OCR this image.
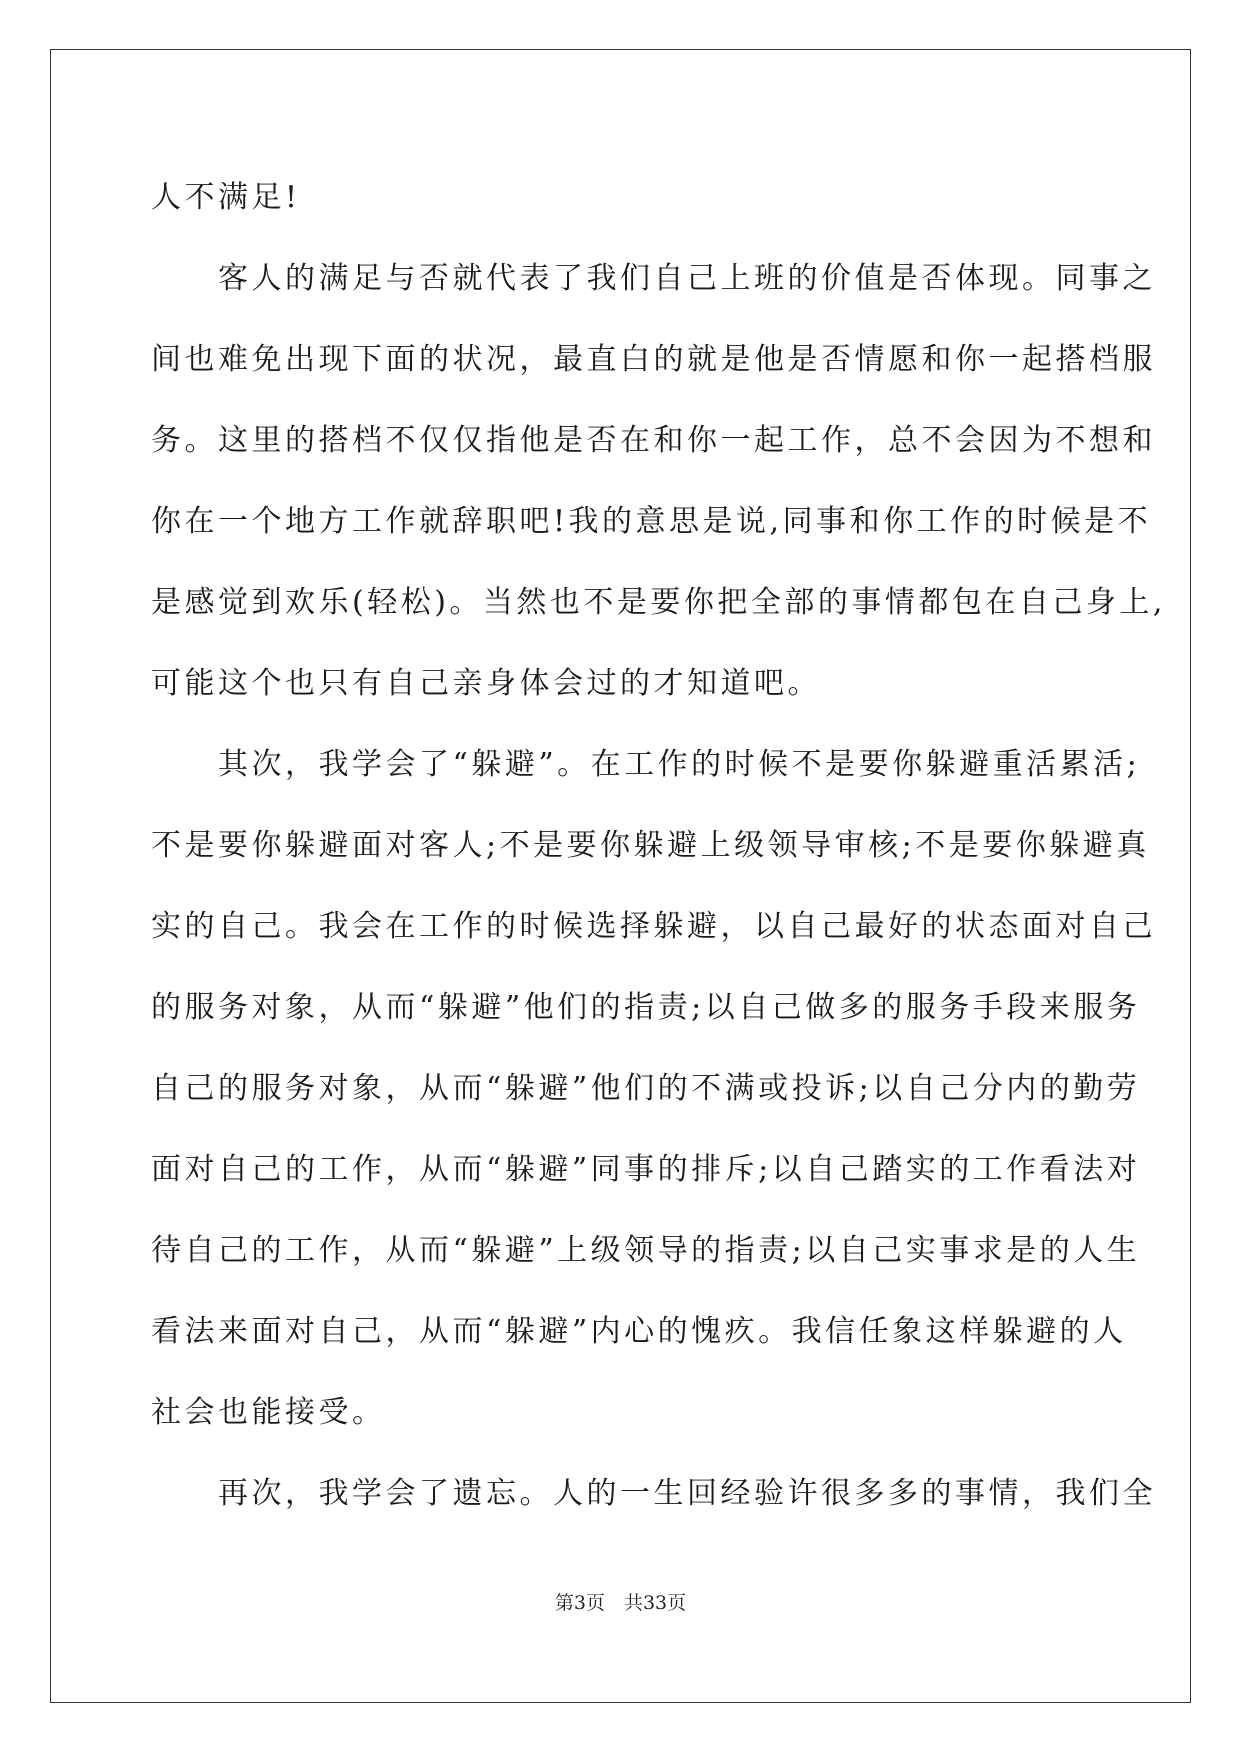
人不满足!
　　客人的满足与否就代表了我们自己上班的价值是否体现。同事之
间也难免出现下面的状况，最直白的就是他是否情愿和你一起搭档服
务。这里的搭档不仅仅指他是否在和你一起工作，总不会因为不想和
你在一个地方工作就辞职吧!我的意思是说,同事和你工作的时候是不
是感觉到欢乐(轻松)。当然也不是要你把全部的事情都包在自己身上,
可能这个也只有自己亲身体会过的才知道吧。
　　其次，我学会了“躲避”。在工作的时候不是要你躲避重活累活;
不是要你躲避面对客人;不是要你躲避上级领导审核;不是要你躲避真
实的自己。我会在工作的时候选择躲避，以自己最好的状态面对自己
的服务对象，从而“躲避”他们的指责;以自己做多的服务手段来服务
自己的服务对象，从而“躲避”他们的不满或投诉;以自己分内的勤劳
面对自己的工作，从而“躲避”同事的排斥;以自己踏实的工作看法对
待自己的工作，从而“躲避”上级领导的指责;以自己实事求是的人生
看法来面对自己，从而“躲避”内心的愧疚。我信任象这样躲避的人
社会也能接受。
　　再次，我学会了遗忘。人的一生回经验许很多多的事情，我们全
第3页　共33页
